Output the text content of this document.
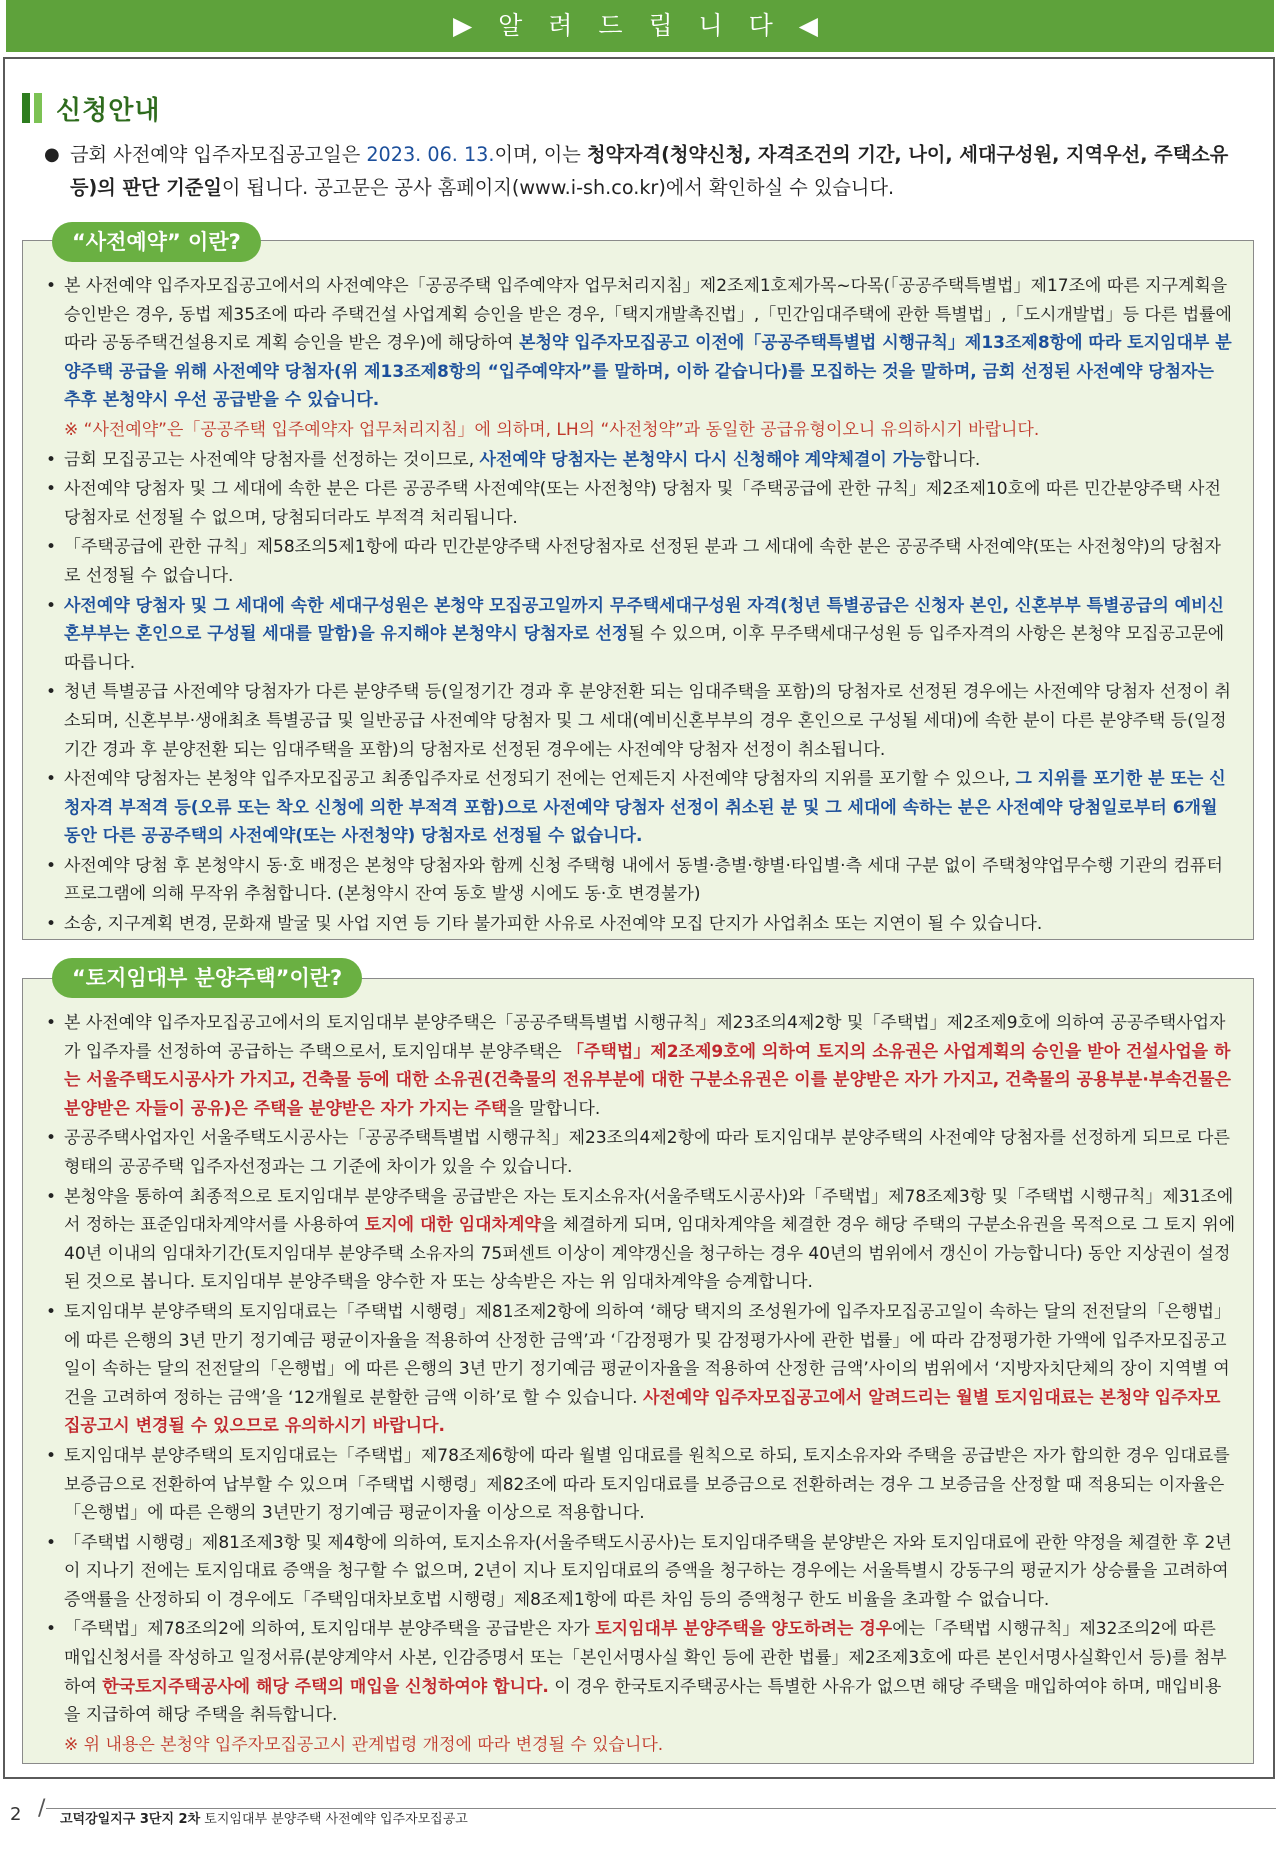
▶ 알 려 드 립 니 다 ◀
신청안내
● 금회 사전예약 입주자모집공고일은 2023. 06. 13.이며, 이는 청약자격(청약신청, 자격조건의 기간, 나이, 세대구성원, 지역우선, 주택소유 등)의 판단 기준일이 됩니다. 공고문은 공사 홈페이지(www.i-sh.co.kr)에서 확인하실 수 있습니다.
“사전예약” 이란?
• 본 사전예약 입주자모집공고에서의 사전예약은「공공주택 입주예약자 업무처리지침」제2조제1호제가목~다목(「공공주택특별법」제17조에 따른 지구계획을 승인받은 경우, 동법 제35조에 따라 주택건설 사업계획 승인을 받은 경우,「택지개발촉진법」,「민간임대주택에 관한 특별법」,「도시개발법」등 다른 법률에 따라 공동주택건설용지로 계획 승인을 받은 경우)에 해당하여 본청약 입주자모집공고 이전에「공공주택특별법 시행규칙」제13조제8항에 따라 토지임대부 분양주택 공급을 위해 사전예약 당첨자(위 제13조제8항의 “입주예약자”를 말하며, 이하 같습니다)를 모집하는 것을 말하며, 금회 선정된 사전예약 당첨자는 추후 본청약시 우선 공급받을 수 있습니다.
※ “사전예약”은「공공주택 입주예약자 업무처리지침」에 의하며, LH의 “사전청약”과 동일한 공급유형이오니 유의하시기 바랍니다.
• 금회 모집공고는 사전예약 당첨자를 선정하는 것이므로, 사전예약 당첨자는 본청약시 다시 신청해야 계약체결이 가능합니다.
• 사전예약 당첨자 및 그 세대에 속한 분은 다른 공공주택 사전예약(또는 사전청약) 당첨자 및「주택공급에 관한 규칙」제2조제10호에 따른 민간분양주택 사전 당첨자로 선정될 수 없으며, 당첨되더라도 부적격 처리됩니다.
• 「주택공급에 관한 규칙」제58조의5제1항에 따라 민간분양주택 사전당첨자로 선정된 분과 그 세대에 속한 분은 공공주택 사전예약(또는 사전청약)의 당첨자로 선정될 수 없습니다.
• 사전예약 당첨자 및 그 세대에 속한 세대구성원은 본청약 모집공고일까지 무주택세대구성원 자격(청년 특별공급은 신청자 본인, 신혼부부 특별공급의 예비신혼부부는 혼인으로 구성될 세대를 말함)을 유지해야 본청약시 당첨자로 선정될 수 있으며, 이후 무주택세대구성원 등 입주자격의 사항은 본청약 모집공고문에 따릅니다.
• 청년 특별공급 사전예약 당첨자가 다른 분양주택 등(일정기간 경과 후 분양전환 되는 임대주택을 포함)의 당첨자로 선정된 경우에는 사전예약 당첨자 선정이 취소되며, 신혼부부·생애최초 특별공급 및 일반공급 사전예약 당첨자 및 그 세대(예비신혼부부의 경우 혼인으로 구성될 세대)에 속한 분이 다른 분양주택 등(일정기간 경과 후 분양전환 되는 임대주택을 포함)의 당첨자로 선정된 경우에는 사전예약 당첨자 선정이 취소됩니다.
• 사전예약 당첨자는 본청약 입주자모집공고 최종입주자로 선정되기 전에는 언제든지 사전예약 당첨자의 지위를 포기할 수 있으나, 그 지위를 포기한 분 또는 신청자격 부적격 등(오류 또는 착오 신청에 의한 부적격 포함)으로 사전예약 당첨자 선정이 취소된 분 및 그 세대에 속하는 분은 사전예약 당첨일로부터 6개월 동안 다른 공공주택의 사전예약(또는 사전청약) 당첨자로 선정될 수 없습니다.
• 사전예약 당첨 후 본청약시 동·호 배정은 본청약 당첨자와 함께 신청 주택형 내에서 동별·층별·향별·타입별·측 세대 구분 없이 주택청약업무수행 기관의 컴퓨터 프로그램에 의해 무작위 추첨합니다. (본청약시 잔여 동호 발생 시에도 동·호 변경불가)
• 소송, 지구계획 변경, 문화재 발굴 및 사업 지연 등 기타 불가피한 사유로 사전예약 모집 단지가 사업취소 또는 지연이 될 수 있습니다.
“토지임대부 분양주택”이란?
• 본 사전예약 입주자모집공고에서의 토지임대부 분양주택은「공공주택특별법 시행규칙」제23조의4제2항 및「주택법」제2조제9호에 의하여 공공주택사업자가 입주자를 선정하여 공급하는 주택으로서, 토지임대부 분양주택은 「주택법」제2조제9호에 의하여 토지의 소유권은 사업계획의 승인을 받아 건설사업을 하는 서울주택도시공사가 가지고, 건축물 등에 대한 소유권(건축물의 전유부분에 대한 구분소유권은 이를 분양받은 자가 가지고, 건축물의 공용부분·부속건물은 분양받은 자들이 공유)은 주택을 분양받은 자가 가지는 주택을 말합니다.
• 공공주택사업자인 서울주택도시공사는「공공주택특별법 시행규칙」제23조의4제2항에 따라 토지임대부 분양주택의 사전예약 당첨자를 선정하게 되므로 다른 형태의 공공주택 입주자선정과는 그 기준에 차이가 있을 수 있습니다.
• 본청약을 통하여 최종적으로 토지임대부 분양주택을 공급받은 자는 토지소유자(서울주택도시공사)와「주택법」제78조제3항 및「주택법 시행규칙」제31조에서 정하는 표준임대차계약서를 사용하여 토지에 대한 임대차계약을 체결하게 되며, 임대차계약을 체결한 경우 해당 주택의 구분소유권을 목적으로 그 토지 위에 40년 이내의 임대차기간(토지임대부 분양주택 소유자의 75퍼센트 이상이 계약갱신을 청구하는 경우 40년의 범위에서 갱신이 가능합니다) 동안 지상권이 설정된 것으로 봅니다. 토지임대부 분양주택을 양수한 자 또는 상속받은 자는 위 임대차계약을 승계합니다.
• 토지임대부 분양주택의 토지임대료는「주택법 시행령」제81조제2항에 의하여 ‘해당 택지의 조성원가에 입주자모집공고일이 속하는 달의 전전달의「은행법」에 따른 은행의 3년 만기 정기예금 평균이자율을 적용하여 산정한 금액’과 ‘「감정평가 및 감정평가사에 관한 법률」에 따라 감정평가한 가액에 입주자모집공고일이 속하는 달의 전전달의「은행법」에 따른 은행의 3년 만기 정기예금 평균이자율을 적용하여 산정한 금액’사이의 범위에서 ‘지방자치단체의 장이 지역별 여건을 고려하여 정하는 금액’을 ‘12개월로 분할한 금액 이하’로 할 수 있습니다. 사전예약 입주자모집공고에서 알려드리는 월별 토지임대료는 본청약 입주자모집공고시 변경될 수 있으므로 유의하시기 바랍니다.
• 토지임대부 분양주택의 토지임대료는「주택법」제78조제6항에 따라 월별 임대료를 원칙으로 하되, 토지소유자와 주택을 공급받은 자가 합의한 경우 임대료를 보증금으로 전환하여 납부할 수 있으며「주택법 시행령」제82조에 따라 토지임대료를 보증금으로 전환하려는 경우 그 보증금을 산정할 때 적용되는 이자율은「은행법」에 따른 은행의 3년만기 정기예금 평균이자율 이상으로 적용합니다.
• 「주택법 시행령」제81조제3항 및 제4항에 의하여, 토지소유자(서울주택도시공사)는 토지임대주택을 분양받은 자와 토지임대료에 관한 약정을 체결한 후 2년이 지나기 전에는 토지임대료 증액을 청구할 수 없으며, 2년이 지나 토지임대료의 증액을 청구하는 경우에는 서울특별시 강동구의 평균지가 상승률을 고려하여 증액률을 산정하되 이 경우에도「주택임대차보호법 시행령」제8조제1항에 따른 차임 등의 증액청구 한도 비율을 초과할 수 없습니다.
• 「주택법」제78조의2에 의하여, 토지임대부 분양주택을 공급받은 자가 토지임대부 분양주택을 양도하려는 경우에는「주택법 시행규칙」제32조의2에 따른 매입신청서를 작성하고 일정서류(분양계약서 사본, 인감증명서 또는「본인서명사실 확인 등에 관한 법률」제2조제3호에 따른 본인서명사실확인서 등)를 첨부하여 한국토지주택공사에 해당 주택의 매입을 신청하여야 합니다. 이 경우 한국토지주택공사는 특별한 사유가 없으면 해당 주택을 매입하여야 하며, 매입비용을 지급하여 해당 주택을 취득합니다.
※ 위 내용은 본청약 입주자모집공고시 관계법령 개정에 따라 변경될 수 있습니다.
2 / 고덕강일지구 3단지 2차 토지임대부 분양주택 사전예약 입주자모집공고
